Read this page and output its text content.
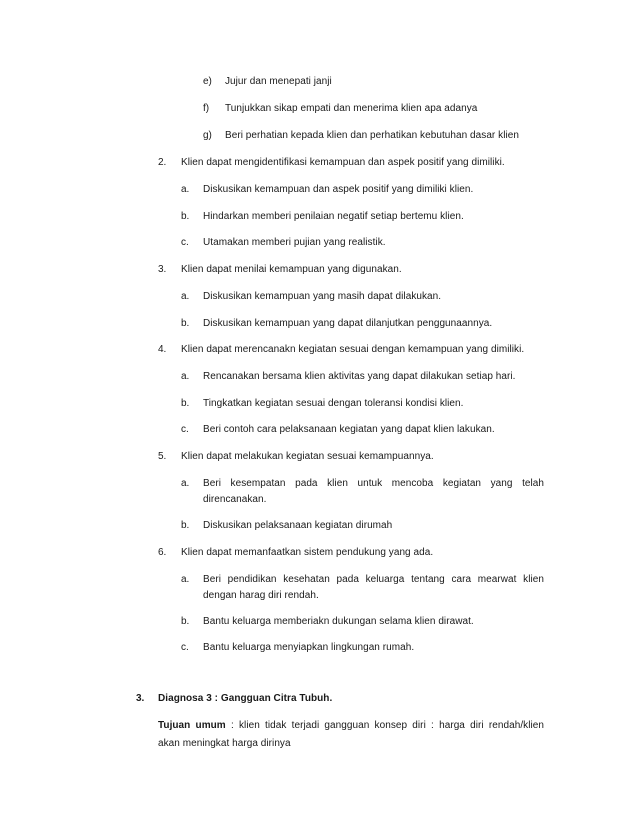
e) Jujur dan menepati janji
f) Tunjukkan sikap empati dan menerima klien apa adanya
g) Beri perhatian kepada klien dan perhatikan kebutuhan dasar klien
2. Klien dapat mengidentifikasi kemampuan dan aspek positif yang dimiliki.
a. Diskusikan kemampuan dan aspek positif yang dimiliki klien.
b. Hindarkan memberi penilaian negatif setiap bertemu klien.
c. Utamakan memberi pujian yang realistik.
3. Klien dapat menilai kemampuan yang digunakan.
a. Diskusikan kemampuan yang masih dapat dilakukan.
b. Diskusikan kemampuan yang dapat dilanjutkan penggunaannya.
4. Klien dapat merencanakn kegiatan sesuai dengan kemampuan yang dimiliki.
a. Rencanakan bersama klien aktivitas yang dapat dilakukan setiap hari.
b. Tingkatkan kegiatan sesuai dengan toleransi kondisi klien.
c. Beri contoh cara pelaksanaan kegiatan yang dapat klien lakukan.
5. Klien dapat melakukan kegiatan sesuai kemampuannya.
a. Beri kesempatan pada klien untuk mencoba kegiatan yang telah
direncanakan.
b. Diskusikan pelaksanaan kegiatan dirumah
6. Klien dapat memanfaatkan sistem pendukung yang ada.
a. Beri pendidikan kesehatan pada keluarga tentang cara mearwat klien
dengan harag diri rendah.
b. Bantu keluarga memberiakn dukungan selama klien dirawat.
c. Bantu keluarga menyiapkan lingkungan rumah.
3. Diagnosa 3 : Gangguan Citra Tubuh.
Tujuan umum : klien tidak terjadi gangguan konsep diri : harga diri rendah/klien
akan meningkat harga dirinya
